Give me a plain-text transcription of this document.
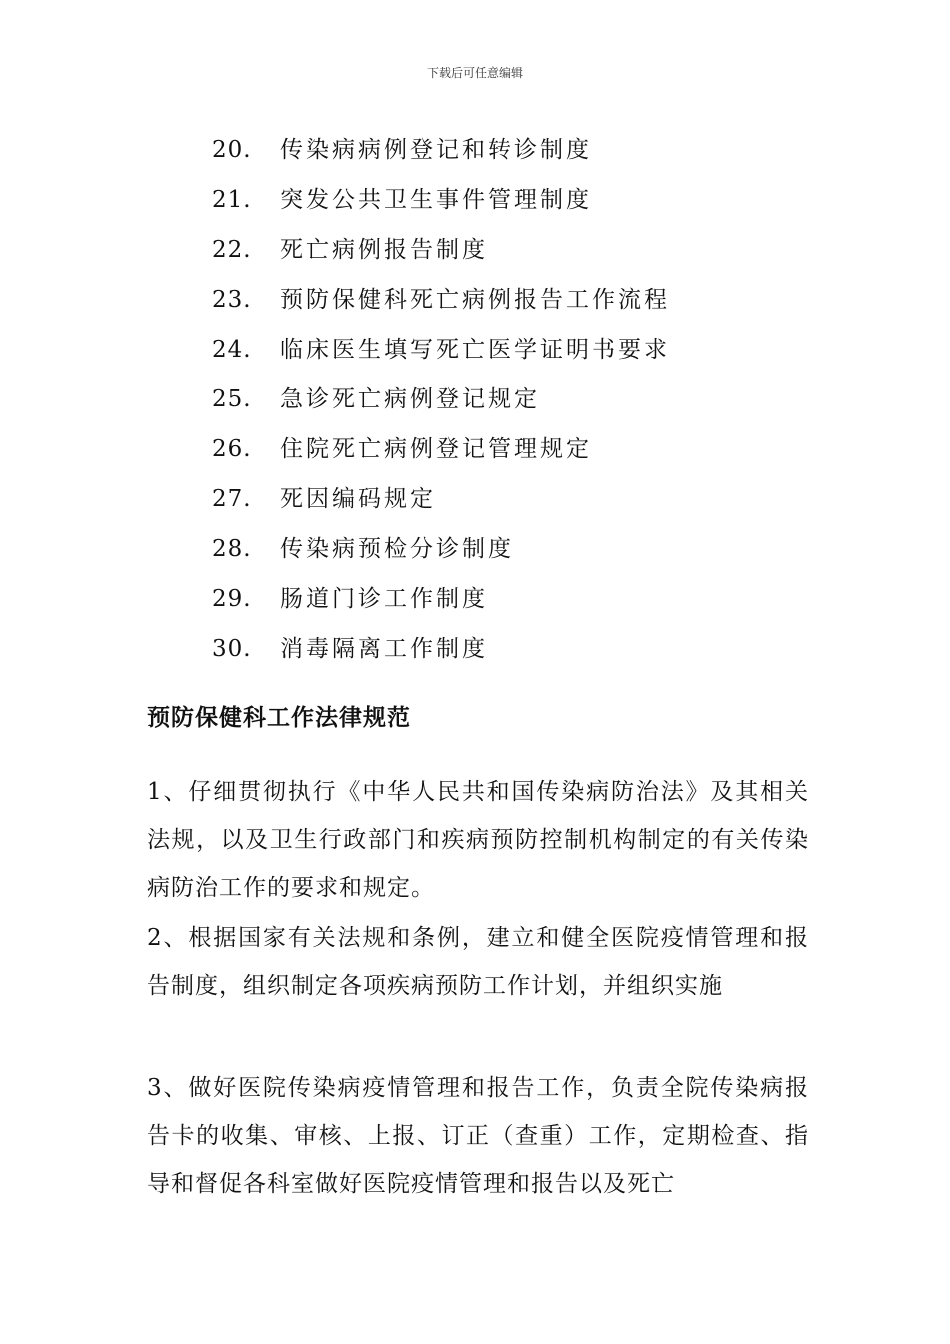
下载后可任意编辑
20. 传染病病例登记和转诊制度
21. 突发公共卫生事件管理制度
22. 死亡病例报告制度
23. 预防保健科死亡病例报告工作流程
24. 临床医生填写死亡医学证明书要求
25. 急诊死亡病例登记规定
26. 住院死亡病例登记管理规定
27. 死因编码规定
28. 传染病预检分诊制度
29. 肠道门诊工作制度
30. 消毒隔离工作制度
预防保健科工作法律规范

1、仔细贯彻执行《中华人民共和国传染病防治法》及其相关法规，以及卫生行政部门和疾病预防控制机构制定的有关传染病防治工作的要求和规定。

2、根据国家有关法规和条例，建立和健全医院疫情管理和报告制度，组织制定各项疾病预防工作计划，并组织实施

3、做好医院传染病疫情管理和报告工作，负责全院传染病报告卡的收集、审核、上报、订正（查重）工作，定期检查、指导和督促各科室做好医院疫情管理和报告以及死亡
